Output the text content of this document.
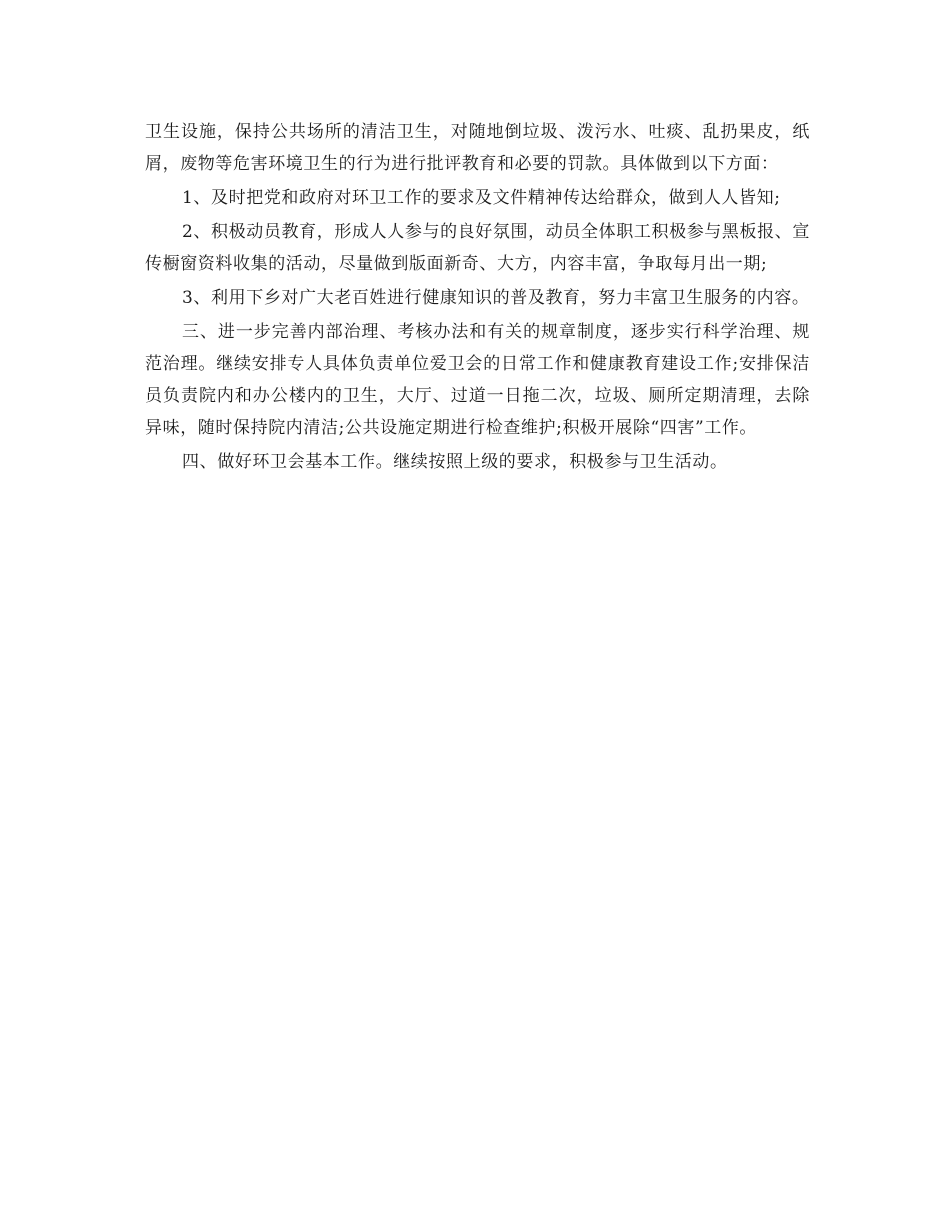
卫生设施，保持公共场所的清洁卫生，对随地倒垃圾、泼污水、吐痰、乱扔果皮，纸屑，废物等危害环境卫生的行为进行批评教育和必要的罚款。具体做到以下方面：

1、及时把党和政府对环卫工作的要求及文件精神传达给群众，做到人人皆知;

2、积极动员教育，形成人人参与的良好氛围，动员全体职工积极参与黑板报、宣传橱窗资料收集的活动，尽量做到版面新奇、大方，内容丰富，争取每月出一期;

3、利用下乡对广大老百姓进行健康知识的普及教育，努力丰富卫生服务的内容。

三、进一步完善内部治理、考核办法和有关的规章制度，逐步实行科学治理、规范治理。继续安排专人具体负责单位爱卫会的日常工作和健康教育建设工作;安排保洁员负责院内和办公楼内的卫生，大厅、过道一日拖二次，垃圾、厕所定期清理，去除异味，随时保持院内清洁;公共设施定期进行检查维护;积极开展除“四害”工作。

四、做好环卫会基本工作。继续按照上级的要求，积极参与卫生活动。
